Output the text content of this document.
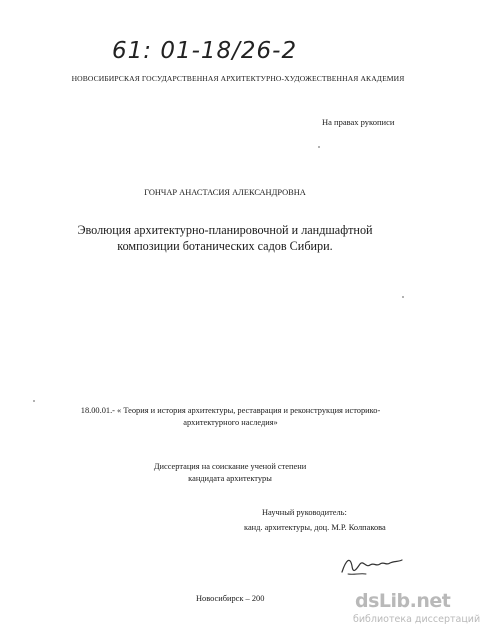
61: 01-18/26-2
НОВОСИБИРСКАЯ ГОСУДАРСТВЕННАЯ АРХИТЕКТУРНО-ХУДОЖЕСТВЕННАЯ АКАДЕМИЯ
На правах рукописи
ГОНЧАР АНАСТАСИЯ АЛЕКСАНДРОВНА
Эволюция архитектурно-планировочной и ландшафтной
композиции ботанических садов Сибири.
18.00.01.- « Теория и история архитектуры, реставрация и реконструкция историко-
архитектурного наследия»
Диссертация на соискание ученой степени
кандидата архитектуры
Научный руководитель:
канд. архитектуры, доц. М.Р. Колпакова
Новосибирск – 200	dsLib.net
библиотека диссертаций
